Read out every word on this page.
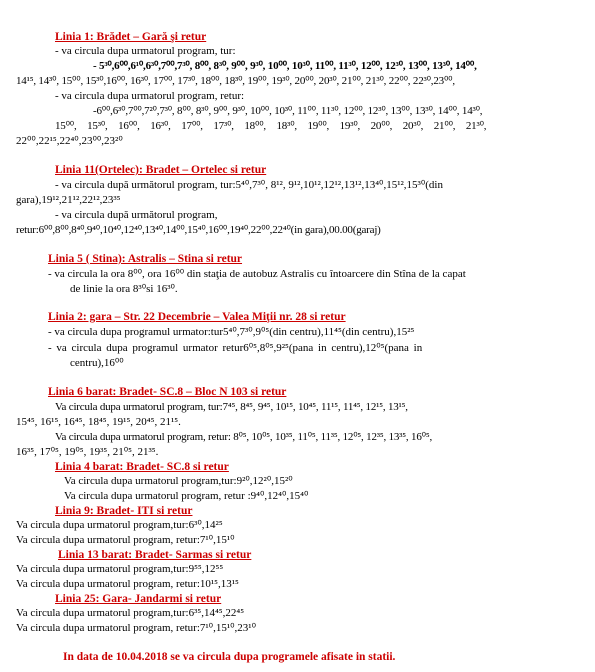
Linia 1: Brădet – Gară şi retur
- va circula dupa urmatorul program, tur:
- 5³⁰,6⁰⁰,6¹⁰,6³⁰,7⁰⁰,7³⁰, 8⁰⁰, 8³⁰, 9⁰⁰, 9³⁰, 10⁰⁰, 10³⁰, 11⁰⁰, 11³⁰, 12⁰⁰, 12³⁰, 13⁰⁰, 13³⁰, 14⁰⁰,
14¹⁵, 14³⁰, 15⁰⁰, 15³⁰,16⁰⁰, 16³⁰, 17⁰⁰, 17³⁰, 18⁰⁰, 18³⁰, 19⁰⁰, 19³⁰, 20⁰⁰, 20³⁰, 21⁰⁰, 21³⁰, 22⁰⁰, 22³⁰,23⁰⁰,
- va circula dupa urmatorul program, retur:
-6⁰⁰,6³⁰,7⁰⁰,7²⁰,7³⁰, 8⁰⁰, 8³⁰, 9⁰⁰, 9³⁰, 10⁰⁰, 10³⁰, 11⁰⁰, 11³⁰, 12⁰⁰, 12³⁰, 13⁰⁰, 13³⁰, 14⁰⁰, 14³⁰,
15⁰⁰, 15³⁰, 16⁰⁰, 16³⁰, 17⁰⁰, 17³⁰, 18⁰⁰, 18³⁰, 19⁰⁰, 19³⁰, 20⁰⁰, 20³⁰, 21⁰⁰, 21³⁰,
22⁰⁰,22¹⁵,22⁴⁰,23⁰⁰,23²⁰
Linia 11(Ortelec): Bradet – Ortelec si retur
- va circula după următorul program, tur:5⁴⁰,7³⁰, 8¹², 9¹²,10¹²,12¹²,13¹²,13⁴⁰,15¹²,15³⁰(din
gara),19¹²,21¹²,22¹²,23³⁵
- va circula după următorul program,
retur:6⁰⁰,8⁰⁰,8⁴⁰,9⁴⁰,10⁴⁰,12⁴⁰,13⁴⁰,14⁰⁰,15⁴⁰,16⁰⁰,19⁴⁰,22⁰⁰,22⁴⁰(in gara),00.00(garaj)
Linia 5 ( Stina): Astralis – Stina si retur
- va circula la ora 8⁰⁰, ora 16⁰⁰ din staţia de autobuz Astralis cu întoarcere din Stîna de la capat
de linie la ora 8³⁰si 16³⁰.
Linia 2: gara – Str. 22 Decembrie – Valea Miţii nr. 28 si retur
- va circula dupa programul urmator:tur5⁴⁰,7³⁰,9⁰⁵(din centru),11⁴⁵(din centru),15²⁵
- va circula dupa programul urmator retur6⁰⁵,8⁰⁵,9²⁵(pana in centru),12⁰⁵(pana in
centru),16⁰⁰
Linia 6 barat: Bradet- SC.8 – Bloc N 103 si retur
Va circula dupa urmatorul program, tur:7⁴⁵, 8⁴⁵, 9⁴⁵, 10¹⁵, 10⁴⁵, 11¹⁵, 11⁴⁵, 12¹⁵, 13¹⁵,
15⁴⁵, 16¹⁵, 16⁴⁵, 18⁴⁵, 19¹⁵, 20⁴⁵, 21¹⁵.
Va circula dupa urmatorul program, retur: 8⁰⁵, 10⁰⁵, 10³⁵, 11⁰⁵, 11³⁵, 12⁰⁵, 12³⁵, 13³⁵, 16⁰⁵,
16³⁵, 17⁰⁵, 19⁰⁵, 19³⁵, 21⁰⁵, 21³⁵.
Linia 4 barat: Bradet- SC.8 si retur
Va circula dupa urmatorul program,tur:9²⁰,12²⁰,15²⁰
Va circula dupa urmatorul program, retur :9⁴⁰,12⁴⁰,15⁴⁰
Linia 9: Bradet- ITI si retur
Va circula dupa urmatorul program,tur:6³⁰,14²⁵
Va circula dupa urmatorul program, retur:7¹⁰,15¹⁰
Linia 13 barat: Bradet- Sarmas si retur
Va circula dupa urmatorul program,tur:9⁵⁵,12⁵⁵
Va circula dupa urmatorul program, retur:10¹⁵,13¹⁵
Linia 25: Gara- Jandarmi si retur
Va circula dupa urmatorul program,tur:6³⁵,14⁴⁵,22⁴⁵
Va circula dupa urmatorul program, retur:7¹⁰,15¹⁰,23¹⁰
In data de 10.04.2018 se va circula dupa programele afisate in statii.
